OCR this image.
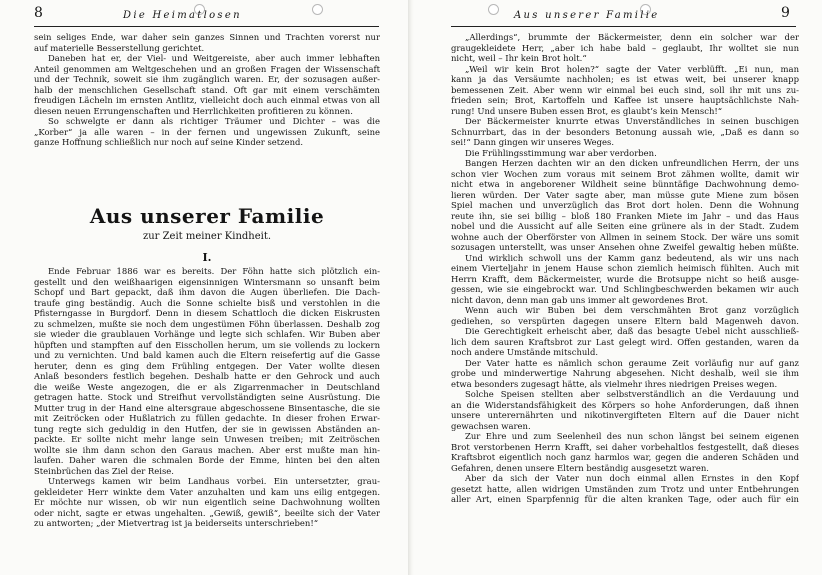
8	Die Heimatlosen
sein seliges Ende, war daher sein ganzes Sinnen und Trachten vorerst nur
auf materielle Besserstellung gerichtet.
Daneben hat er, der Viel- und Weitgereiste, aber auch immer lebhaften
Anteil genommen am Weltgeschehen und an großen Fragen der Wissenschaft
und der Technik, soweit sie ihm zugänglich waren. Er, der sozusagen außer-
halb der menschlichen Gesellschaft stand. Oft gar mit einem verschämten
freudigen Lächeln im ernsten Antlitz, vielleicht doch auch einmal etwas von all
diesen neuen Errungenschaften und Herrlichkeiten profitieren zu können.
So schwelgte er dann als richtiger Träumer und Dichter – was die
„Korber“ ja alle waren – in der fernen und ungewissen Zukunft, seine
ganze Hoffnung schließlich nur noch auf seine Kinder setzend.
Aus unserer Familie
zur Zeit meiner Kindheit.
I.
Ende Februar 1886 war es bereits. Der Föhn hatte sich plötzlich ein-
gestellt und den weißhaarigen eigensinnigen Wintersmann so unsanft beim
Schopf und Bart gepackt, daß ihm davon die Augen überliefen. Die Dach-
traufe ging beständig. Auch die Sonne schielte bisß und verstohlen in die
Pfisterngasse in Burgdorf. Denn in diesem Schattloch die dicken Eiskrusten
zu schmelzen, mußte sie noch dem ungestümen Föhn überlassen. Deshalb zog
sie wieder die graublauen Vorhänge und legte sich schlafen. Wir Buben aber
hüpften und stampften auf den Eisschollen herum, um sie vollends zu lockern
und zu vernichten. Und bald kamen auch die Eltern reisefertig auf die Gasse
heruter, denn es ging dem Frühling entgegen. Der Vater wollte diesen
Anlaß besonders festlich begehen. Deshalb hatte er den Gehrock und auch
die weiße Weste angezogen, die er als Zigarrenmacher in Deutschland
getragen hatte. Stock und Streifhut vervollständigten seine Ausrüstung. Die
Mutter trug in der Hand eine altersgraue abgeschossene Binsentasche, die sie
mit Zeitröcken oder Hußlatrich zu füllen gedachte. In dieser frohen Erwar-
tung regte sich geduldig in den Hutfen, der sie in gewissen Abständen an-
packte. Er sollte nicht mehr lange sein Unwesen treiben; mit Zeitröschen
wollte sie ihm dann schon den Garaus machen. Aber erst mußte man hin-
laufen. Daher waren die schmalen Borde der Emme, hinten bei den alten
Steinbrüchen das Ziel der Reise.
Unterwegs kamen wir beim Landhaus vorbei. Ein untersetzter, grau-
gekleideter Herr winkte dem Vater anzuhalten und kam uns eilig entgegen.
Er möchte nur wissen, ob wir nun eigentlich seine Dachwohnung wollten
oder nicht, sagte er etwas ungehalten. „Gewiß, gewiß“, beeilte sich der Vater
zu antworten; „der Mietvertrag ist ja beiderseits unterschrieben!“
Aus unserer Familie	9
„Allerdings“, brummte der Bäckermeister, denn ein solcher war der
graugekleidete Herr, „aber ich habe bald – geglaubt, Ihr wolltet sie nun
nicht, weil – Ihr kein Brot holt.“
„Weil wir kein Brot holen?“ sagte der Vater verblüfft. „Ei nun, man
kann ja das Versäumte nachholen; es ist etwas weit, bei unserer knapp
bemessenen Zeit. Aber wenn wir einmal bei euch sind, soll ihr mit uns zu-
frieden sein; Brot, Kartoffeln und Kaffee ist unsere hauptsächlichste Nah-
rung! Und unsere Buben essen Brot, es glaubt’s kein Mensch!“
Der Bäckermeister knurrte etwas Unverständliches in seinen buschigen
Schnurrbart, das in der besonders Betonung aussah wie, „Daß es dann so
sei!“ Dann gingen wir unseres Weges.
Die Frühlingsstimmung war aber verdorben.
Bangen Herzen dachten wir an den dicken unfreundlichen Herrn, der uns
schon vier Wochen zum voraus mit seinem Brot zähmen wollte, damit wir
nicht etwa in angeborener Wildheit seine bünntäfige Dachwohnung demo-
lieren würden. Der Vater sagte aber, man müsse gute Miene zum bösen
Spiel machen und unverzüglich das Brot dort holen. Denn die Wohnung
reute ihn, sie sei billig – bloß 180 Franken Miete im Jahr – und das Haus
nobel und die Aussicht auf alle Seiten eine grünere als in der Stadt. Zudem
wohne auch der Oberförster von Allmen in seinem Stock. Der wäre uns somit
sozusagen unterstellt, was unser Ansehen ohne Zweifel gewaltig heben müßte.
Und wirklich schwoll uns der Kamm ganz bedeutend, als wir uns nach
einem Vierteljahr in jenem Hause schon ziemlich heimisch fühlten. Auch mit
Herrn Krafft, dem Bäckermeister, wurde die Brotsuppe nicht so heiß ausge-
gessen, wie sie eingebrockt war. Und Schlingbeschwerden bekamen wir auch
nicht davon, denn man gab uns immer alt gewordenes Brot.
Wenn auch wir Buben bei dem verschmähten Brot ganz vorzüglich
gediehen, so verspürten dagegen unsere Eltern bald Magenweh davon.
Die Gerechtigkeit erheischt aber, daß das besagte Uebel nicht ausschließ-
lich dem sauren Kraftsbrot zur Last gelegt wird. Offen gestanden, waren da
noch andere Umstände mitschuld.
Der Vater hatte es nämlich schon geraume Zeit vorläufig nur auf ganz
grobe und minderwertige Nahrung abgesehen. Nicht deshalb, weil sie ihm
etwa besonders zugesagt hätte, als vielmehr ihres niedrigen Preises wegen.
Solche Speisen stellten aber selbstverständlich an die Verdauung und
an die Widerstandsfähigkeit des Körpers so hohe Anforderungen, daß ihnen
unsere unterernährten und nikotinvergifteten Eltern auf die Dauer nicht
gewachsen waren.
Zur Ehre und zum Seelenheil des nun schon längst bei seinem eigenen
Brot verstorbenen Herrn Krafft, sei daher vorbehaltlos festgestellt, daß dieses
Kraftsbrot eigentlich noch ganz harmlos war, gegen die anderen Schäden und
Gefahren, denen unsere Eltern beständig ausgesetzt waren.
Aber da sich der Vater nun doch einmal allen Ernstes in den Kopf
gesetzt hatte, allen widrigen Umständen zum Trotz und unter Entbehrungen
aller Art, einen Sparpfennig für die alten kranken Tage, oder auch für ein
